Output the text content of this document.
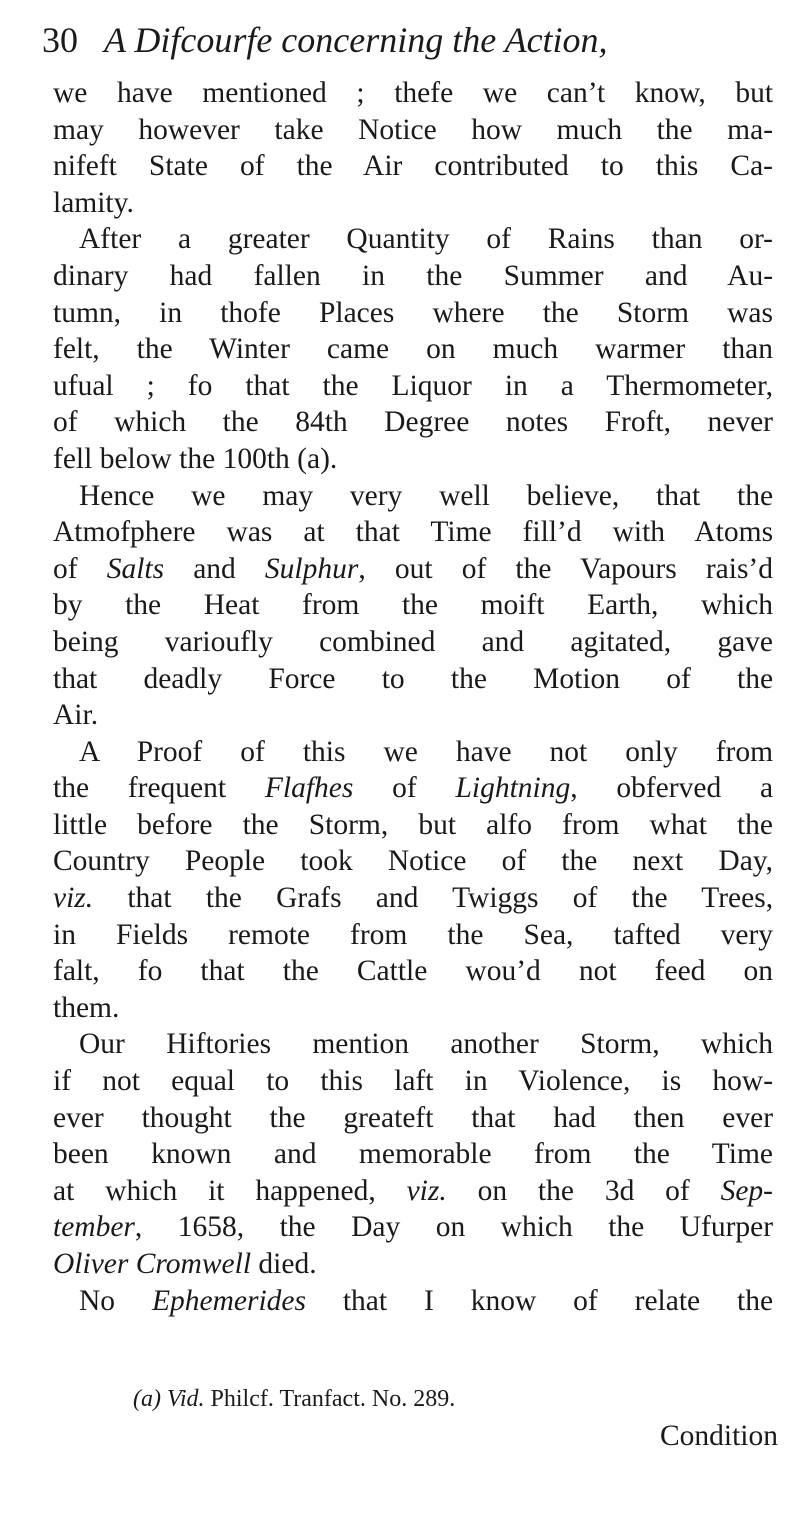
30 A Difcourfe concerning the Action,
we have mentioned ; thefe we can’t know, but
may however take Notice how much the ma-
nifeft State of the Air contributed to this Ca-
lamity.
After a greater Quantity of Rains than or-
dinary had fallen in the Summer and Au-
tumn, in thofe Places where the Storm was
felt, the Winter came on much warmer than
ufual ; fo that the Liquor in a Thermometer,
of which the 84th Degree notes Froft, never
fell below the 100th (a).
Hence we may very well believe, that the
Atmofphere was at that Time fill’d with Atoms
of Salts and Sulphur, out of the Vapours rais’d
by the Heat from the moift Earth, which
being varioufly combined and agitated, gave
that deadly Force to the Motion of the
Air.
A Proof of this we have not only from
the frequent Flafhes of Lightning, obferved a
little before the Storm, but alfo from what the
Country People took Notice of the next Day,
viz. that the Grafs and Twiggs of the Trees,
in Fields remote from the Sea, tafted very
falt, fo that the Cattle wou’d not feed on
them.
Our Hiftories mention another Storm, which
if not equal to this laft in Violence, is how-
ever thought the greateft that had then ever
been known and memorable from the Time
at which it happened, viz. on the 3d of Sep-
tember, 1658, the Day on which the Ufurper
Oliver Cromwell died.
No Ephemerides that I know of relate the
(a) Vid. Philcf. Tranfact. No. 289.
Condition
